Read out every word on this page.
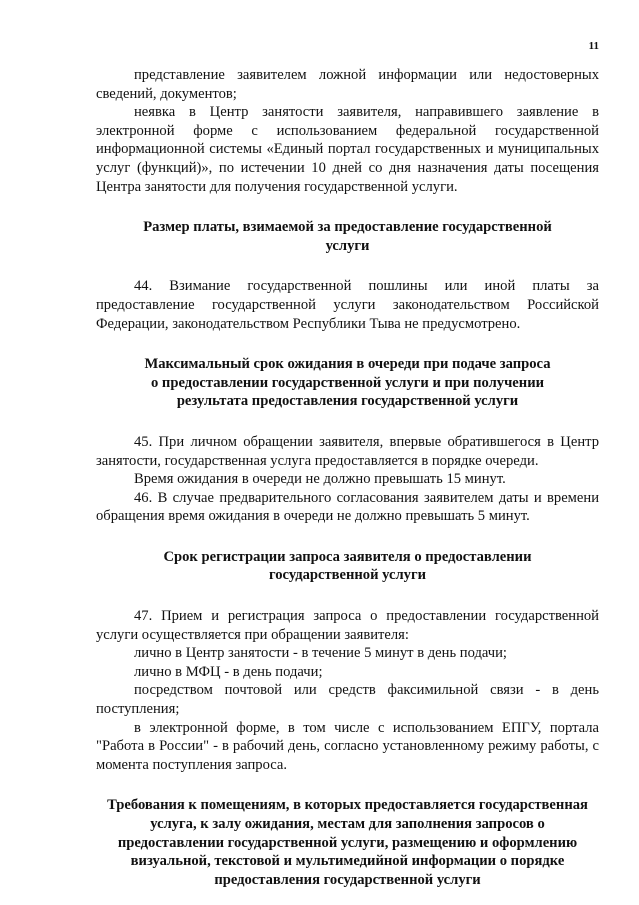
11

представление заявителем ложной информации или недостоверных сведений, документов;

неявка в Центр занятости заявителя, направившего заявление в электронной форме с использованием федеральной государственной информационной системы «Единый портал государственных и муниципальных услуг (функций)», по истечении 10 дней со дня назначения даты посещения Центра занятости для получения государственной услуги.

Размер платы, взимаемой за предоставление государственной

услуги

44. Взимание государственной пошлины или иной платы за предоставление государственной услуги законодательством Российской Федерации, законодательством Республики Тыва не предусмотрено.

Максимальный срок ожидания в очереди при подаче запроса

о предоставлении государственной услуги и при получении

результата предоставления государственной услуги

45. При личном обращении заявителя, впервые обратившегося в Центр занятости, государственная услуга предоставляется в порядке очереди.

Время ожидания в очереди не должно превышать 15 минут.

46. В случае предварительного согласования заявителем даты и времени обращения время ожидания в очереди не должно превышать 5 минут.

Срок регистрации запроса заявителя о предоставлении

государственной услуги

47. Прием и регистрация запроса о предоставлении государственной услуги осуществляется при обращении заявителя:

лично в Центр занятости - в течение 5 минут в день подачи;

лично в МФЦ - в день подачи;

посредством почтовой или средств факсимильной связи - в день поступления;

в электронной форме, в том числе с использованием ЕПГУ, портала "Работа в России" - в рабочий день, согласно установленному режиму работы, с момента поступления запроса.

Требования к помещениям, в которых предоставляется государственная

услуга, к залу ожидания, местам для заполнения запросов о

предоставлении государственной услуги, размещению и оформлению

визуальной, текстовой и мультимедийной информации о порядке

предоставления государственной услуги
